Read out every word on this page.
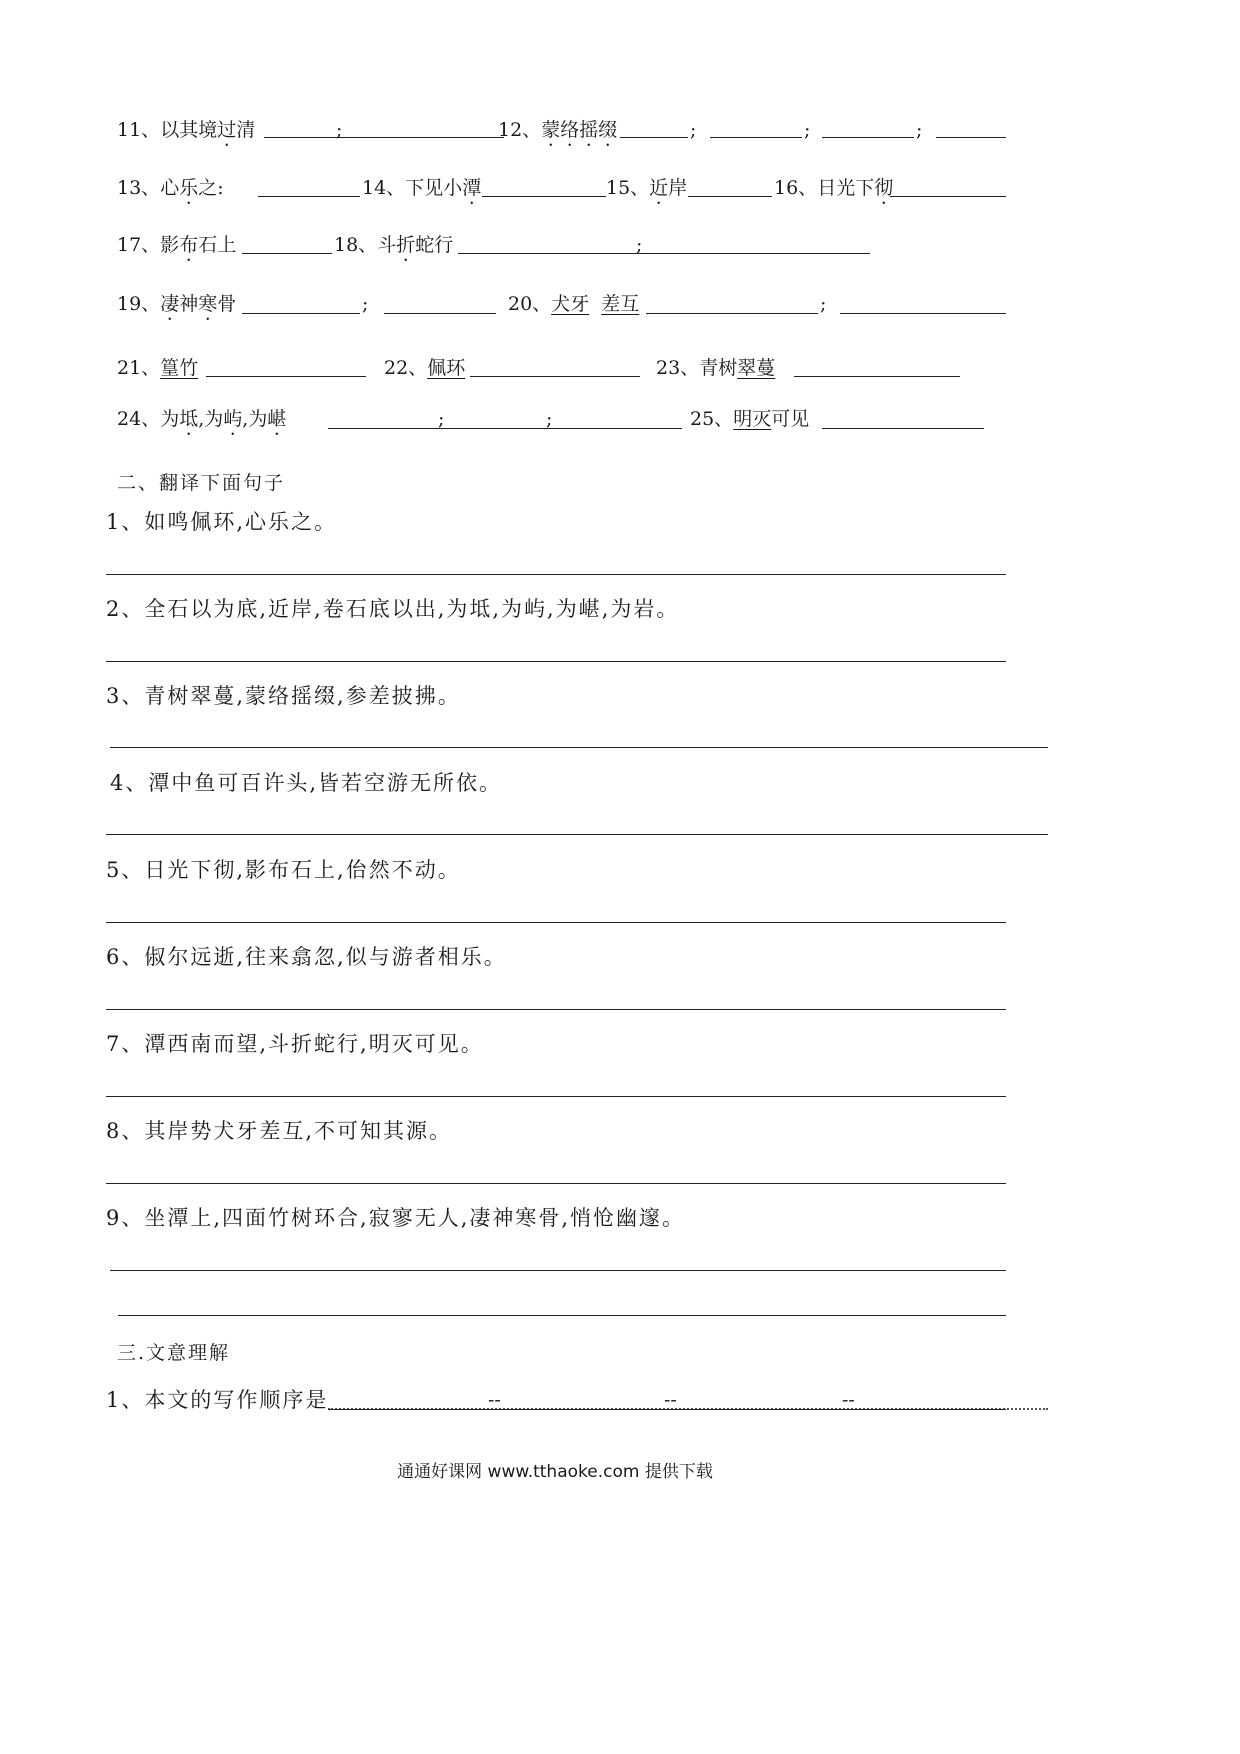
11、以其境过清	;	12、蒙络摇缀	;	;	;
13、心乐之:	14、下见小潭	15、近岸	16、日光下彻
17、影布石上	18、斗折蛇行	;
19、凄神寒骨	;	20、犬牙 差互	;
21、篁竹	22、佩环	23、青树翠蔓
24、为坻,为屿,为嵁	;	;	25、明灭可见
二、翻译下面句子
1、如鸣佩环,心乐之。
2、全石以为底,近岸,卷石底以出,为坻,为屿,为嵁,为岩。
3、青树翠蔓,蒙络摇缀,参差披拂。
4、潭中鱼可百许头,皆若空游无所依。
5、日光下彻,影布石上,佁然不动。
6、俶尔远逝,往来翕忽,似与游者相乐。
7、潭西南而望,斗折蛇行,明灭可见。
8、其岸势犬牙差互,不可知其源。
9、坐潭上,四面竹树环合,寂寥无人,凄神寒骨,悄怆幽邃。
三.文意理解
1、本文的写作顺序是	--	--	--
通通好课网 www.tthaoke.com 提供下载
